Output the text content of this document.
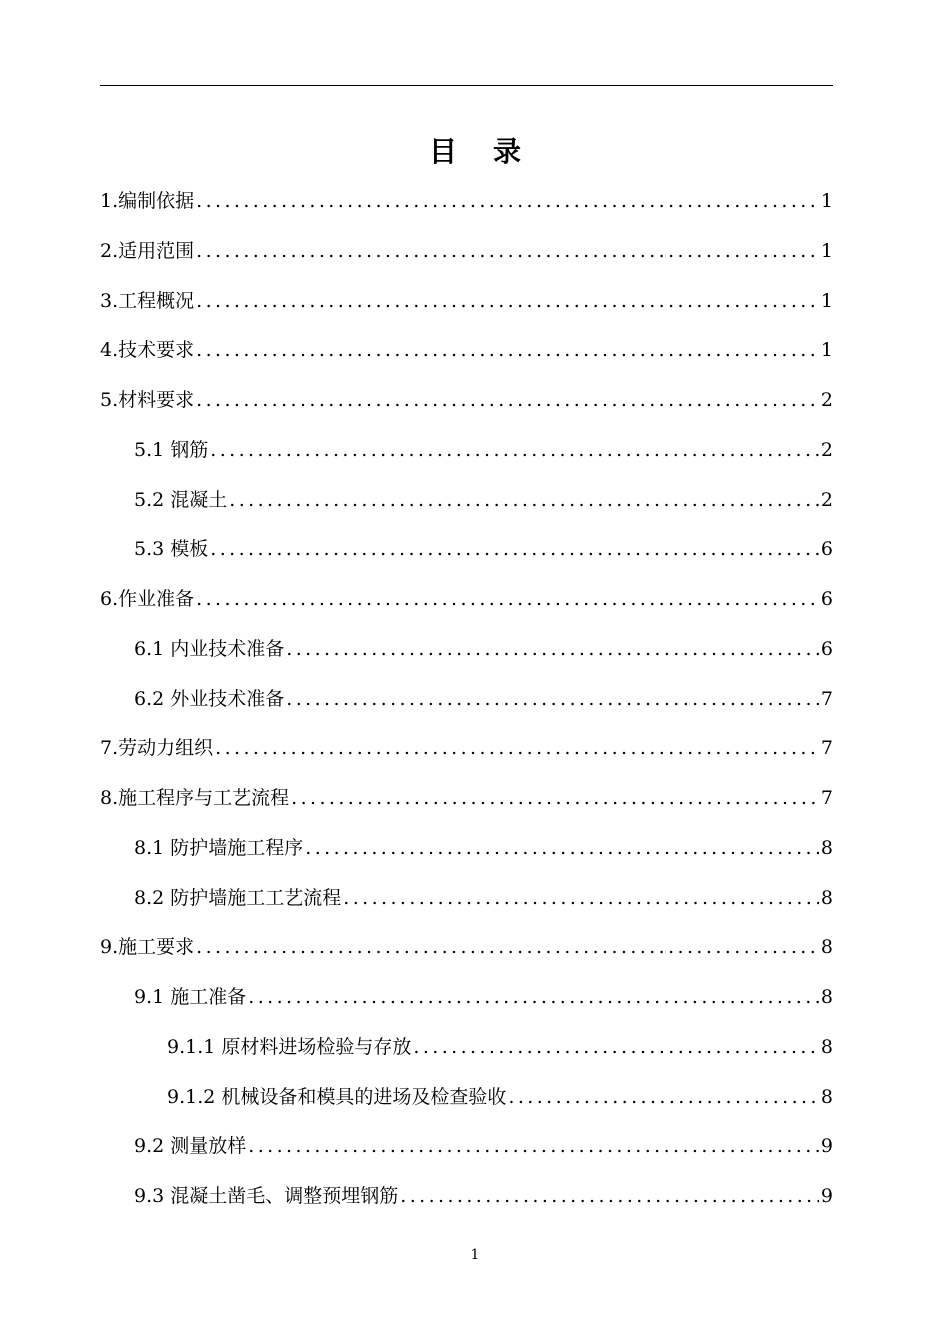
目录
1.编制依据 .....	1
2.适用范围 .....	1
3.工程概况 .....	1
4.技术要求 .....	1
5.材料要求 .....	2
5.1 钢筋 .....	2
5.2 混凝土 .....	2
5.3 模板 .....	6
6.作业准备 .....	6
6.1 内业技术准备 .....	6
6.2 外业技术准备 .....	7
7.劳动力组织 .....	7
8.施工程序与工艺流程 .....	7
8.1 防护墙施工程序 .....	8
8.2 防护墙施工工艺流程 .....	8
9.施工要求 .....	8
9.1 施工准备 .....	8
9.1.1 原材料进场检验与存放 .....	8
9.1.2 机械设备和模具的进场及检查验收 .....	8
9.2 测量放样 .....	9
9.3 混凝土凿毛、调整预埋钢筋 .....	9
1
